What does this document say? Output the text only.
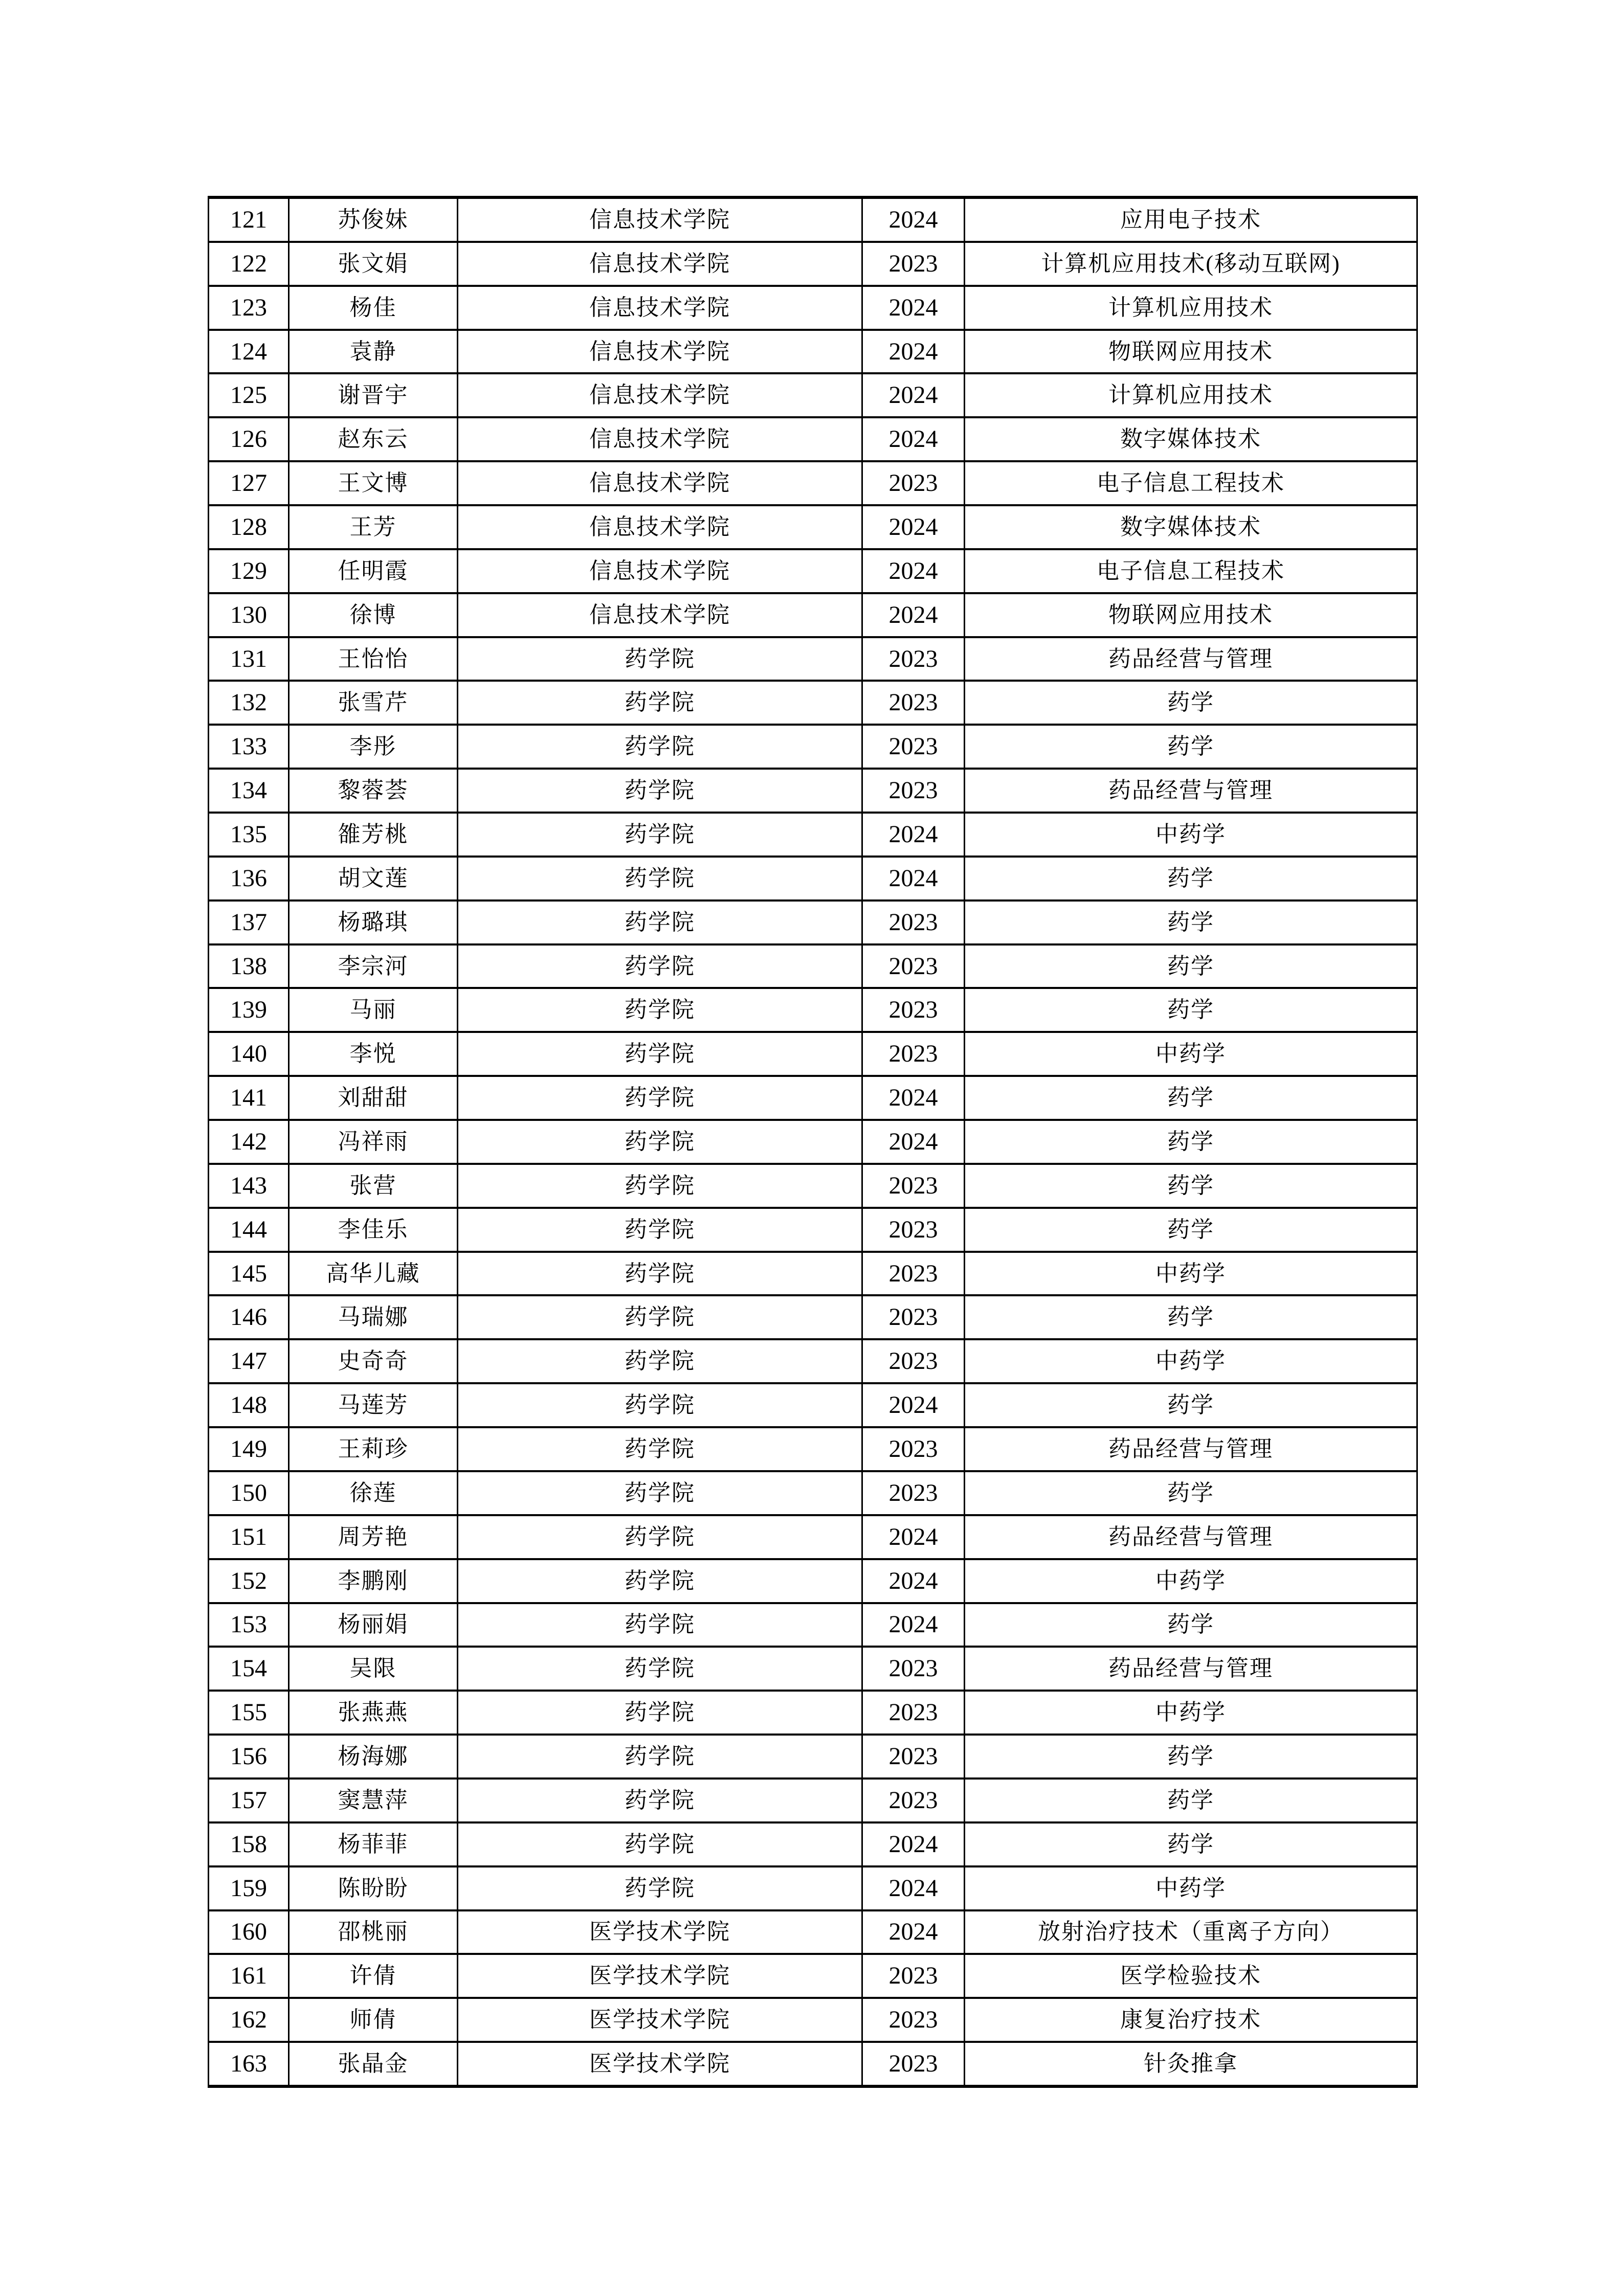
121	苏俊妹	信息技术学院	2024	应用电子技术
122	张文娟	信息技术学院	2023	计算机应用技术(移动互联网)
123	杨佳	信息技术学院	2024	计算机应用技术
124	袁静	信息技术学院	2024	物联网应用技术
125	谢晋宇	信息技术学院	2024	计算机应用技术
126	赵东云	信息技术学院	2024	数字媒体技术
127	王文博	信息技术学院	2023	电子信息工程技术
128	王芳	信息技术学院	2024	数字媒体技术
129	任明霞	信息技术学院	2024	电子信息工程技术
130	徐博	信息技术学院	2024	物联网应用技术
131	王怡怡	药学院	2023	药品经营与管理
132	张雪芹	药学院	2023	药学
133	李彤	药学院	2023	药学
134	黎蓉荟	药学院	2023	药品经营与管理
135	雒芳桃	药学院	2024	中药学
136	胡文莲	药学院	2024	药学
137	杨璐琪	药学院	2023	药学
138	李宗河	药学院	2023	药学
139	马丽	药学院	2023	药学
140	李悦	药学院	2023	中药学
141	刘甜甜	药学院	2024	药学
142	冯祥雨	药学院	2024	药学
143	张营	药学院	2023	药学
144	李佳乐	药学院	2023	药学
145	高华儿藏	药学院	2023	中药学
146	马瑞娜	药学院	2023	药学
147	史奇奇	药学院	2023	中药学
148	马莲芳	药学院	2024	药学
149	王莉珍	药学院	2023	药品经营与管理
150	徐莲	药学院	2023	药学
151	周芳艳	药学院	2024	药品经营与管理
152	李鹏刚	药学院	2024	中药学
153	杨丽娟	药学院	2024	药学
154	吴限	药学院	2023	药品经营与管理
155	张燕燕	药学院	2023	中药学
156	杨海娜	药学院	2023	药学
157	窦慧萍	药学院	2023	药学
158	杨菲菲	药学院	2024	药学
159	陈盼盼	药学院	2024	中药学
160	邵桃丽	医学技术学院	2024	放射治疗技术（重离子方向）
161	许倩	医学技术学院	2023	医学检验技术
162	师倩	医学技术学院	2023	康复治疗技术
163	张晶金	医学技术学院	2023	针灸推拿
